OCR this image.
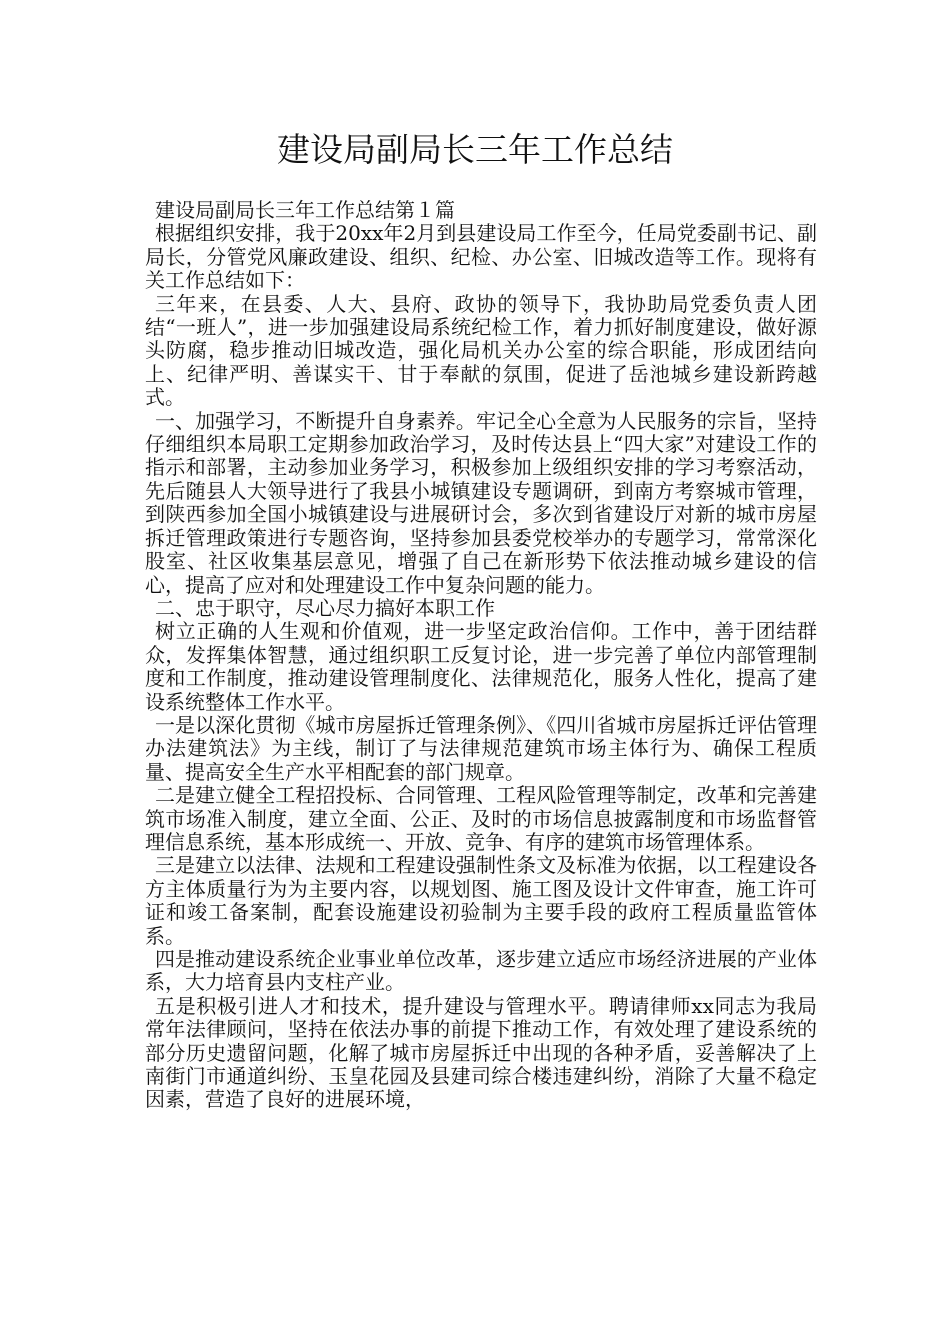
建设局副局长三年工作总结

建设局副局长三年工作总结第１篇

根据组织安排，我于20xx年2月到县建设局工作至今，任局党委副书记、副局长，分管党风廉政建设、组织、纪检、办公室、旧城改造等工作。现将有关工作总结如下：

三年来，在县委、人大、县府、政协的领导下，我协助局党委负责人团结“一班人”，进一步加强建设局系统纪检工作，着力抓好制度建设，做好源头防腐，稳步推动旧城改造，强化局机关办公室的综合职能，形成团结向上、纪律严明、善谋实干、甘于奉献的氛围，促进了岳池城乡建设新跨越式。

一、加强学习，不断提升自身素养。牢记全心全意为人民服务的宗旨，坚持仔细组织本局职工定期参加政治学习，及时传达县上“四大家”对建设工作的指示和部署，主动参加业务学习，积极参加上级组织安排的学习考察活动，先后随县人大领导进行了我县小城镇建设专题调研，到南方考察城市管理，到陕西参加全国小城镇建设与进展研讨会，多次到省建设厅对新的城市房屋拆迁管理政策进行专题咨询，坚持参加县委党校举办的专题学习，常常深化股室、社区收集基层意见，增强了自己在新形势下依法推动城乡建设的信心，提高了应对和处理建设工作中复杂问题的能力。

二、忠于职守，尽心尽力搞好本职工作

树立正确的人生观和价值观，进一步坚定政治信仰。工作中，善于团结群众，发挥集体智慧，通过组织职工反复讨论，进一步完善了单位内部管理制度和工作制度，推动建设管理制度化、法律规范化，服务人性化，提高了建设系统整体工作水平。

一是以深化贯彻《城市房屋拆迁管理条例》、《四川省城市房屋拆迁评估管理办法建筑法》为主线，制订了与法律规范建筑市场主体行为、确保工程质量、提高安全生产水平相配套的部门规章。

二是建立健全工程招投标、合同管理、工程风险管理等制定，改革和完善建筑市场准入制度，建立全面、公正、及时的市场信息披露制度和市场监督管理信息系统，基本形成统一、开放、竞争、有序的建筑市场管理体系。

三是建立以法律、法规和工程建设强制性条文及标准为依据，以工程建设各方主体质量行为为主要内容，以规划图、施工图及设计文件审查，施工许可证和竣工备案制，配套设施建设初验制为主要手段的政府工程质量监管体系。

四是推动建设系统企业事业单位改革，逐步建立适应市场经济进展的产业体系，大力培育县内支柱产业。

五是积极引进人才和技术，提升建设与管理水平。聘请律师xx同志为我局常年法律顾问，坚持在依法办事的前提下推动工作，有效处理了建设系统的部分历史遗留问题，化解了城市房屋拆迁中出现的各种矛盾，妥善解决了上南街门市通道纠纷、玉皇花园及县建司综合楼违建纠纷，消除了大量不稳定因素，营造了良好的进展环境，
